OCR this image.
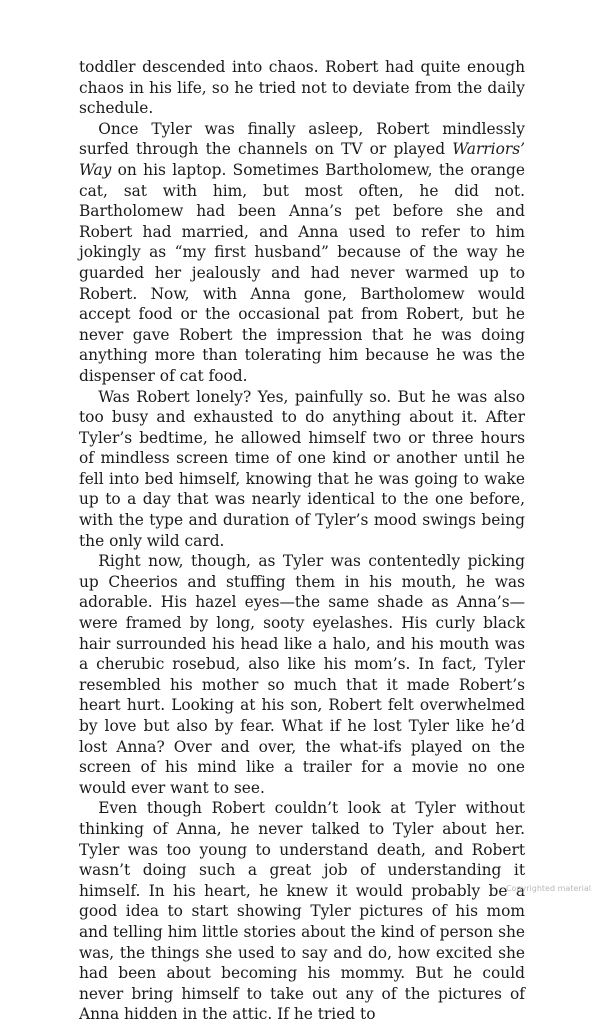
toddler descended into chaos. Robert had quite enough chaos in his life, so he tried not to deviate from the daily schedule.

Once Tyler was finally asleep, Robert mindlessly surfed through the channels on TV or played Warriors’ Way on his laptop. Sometimes Bartholomew, the orange cat, sat with him, but most often, he did not. Bartholomew had been Anna’s pet before she and Robert had married, and Anna used to refer to him jokingly as “my first husband” because of the way he guarded her jealously and had never warmed up to Robert. Now, with Anna gone, Bartholomew would accept food or the occasional pat from Robert, but he never gave Robert the impression that he was doing anything more than tolerating him because he was the dispenser of cat food.

Was Robert lonely? Yes, painfully so. But he was also too busy and exhausted to do anything about it. After Tyler’s bedtime, he allowed himself two or three hours of mindless screen time of one kind or another until he fell into bed himself, knowing that he was going to wake up to a day that was nearly identical to the one before, with the type and duration of Tyler’s mood swings being the only wild card.

Right now, though, as Tyler was contentedly picking up Cheerios and stuffing them in his mouth, he was adorable. His hazel eyes—the same shade as Anna’s—were framed by long, sooty eyelashes. His curly black hair surrounded his head like a halo, and his mouth was a cherubic rosebud, also like his mom’s. In fact, Tyler resembled his mother so much that it made Robert’s heart hurt. Looking at his son, Robert felt overwhelmed by love but also by fear. What if he lost Tyler like he’d lost Anna? Over and over, the what-ifs played on the screen of his mind like a trailer for a movie no one would ever want to see.

Even though Robert couldn’t look at Tyler without thinking of Anna, he never talked to Tyler about her. Tyler was too young to understand death, and Robert wasn’t doing such a great job of understanding it himself. In his heart, he knew it would probably be a good idea to start showing Tyler pictures of his mom and telling him little stories about the kind of person she was, the things she used to say and do, how excited she had been about becoming his mommy. But he could never bring himself to take out any of the pictures of Anna hidden in the attic. If he tried to

Copyrighted material
